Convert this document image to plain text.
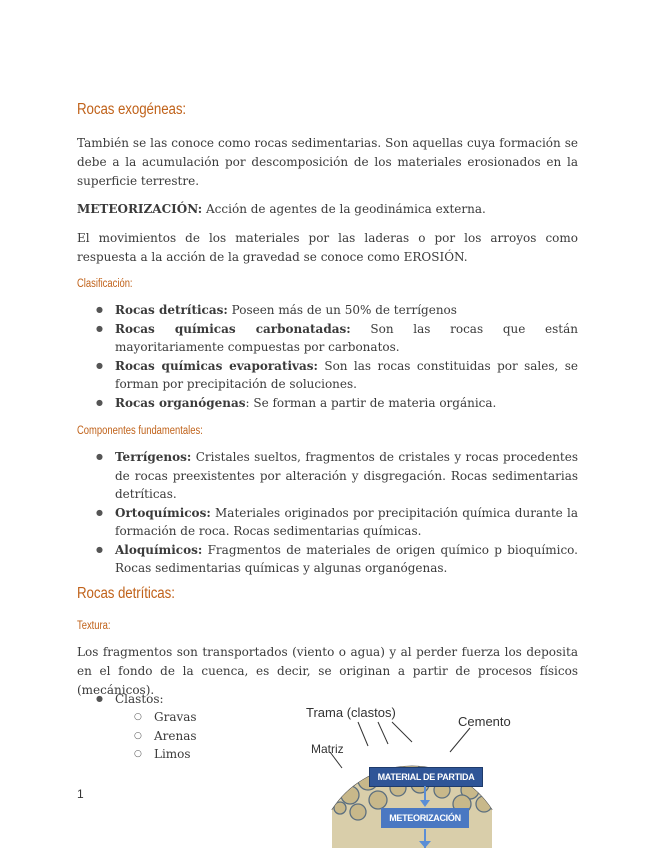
Rocas exogéneas:
También se las conoce como rocas sedimentarias. Son aquellas cuya formación se debe a la acumulación por descomposición de los materiales erosionados en la superficie terrestre.
METEORIZACIÓN: Acción de agentes de la geodinámica externa.
El movimientos de los materiales por las laderas o por los arroyos como respuesta a la acción de la gravedad se conoce como EROSIÓN.
Clasificación:
● Rocas detríticas: Poseen más de un 50% de terrígenos
● Rocas químicas carbonatadas: Son las rocas que están mayoritariamente compuestas por carbonatos.
● Rocas químicas evaporativas: Son las rocas constituidas por sales, se forman por precipitación de soluciones.
● Rocas organógenas: Se forman a partir de materia orgánica.
Componentes fundamentales:
● Terrígenos: Cristales sueltos, fragmentos de cristales y rocas procedentes de rocas preexistentes por alteración y disgregación. Rocas sedimentarias detríticas.
● Ortoquímicos: Materiales originados por precipitación química durante la formación de roca. Rocas sedimentarias químicas.
● Aloquímicos: Fragmentos de materiales de origen químico p bioquímico. Rocas sedimentarias químicas y algunas organógenas.
Rocas detríticas:
Textura:
Los fragmentos son transportados (viento o agua) y al perder fuerza los deposita en el fondo de la cuenca, es decir, se originan a partir de procesos físicos (mecánicos).
● Clastos:
○ Gravas
○ Arenas
○ Limos
Trama (clastos)
Cemento
Matriz
MATERIAL DE PARTIDA
METEORIZACIÓN
1
